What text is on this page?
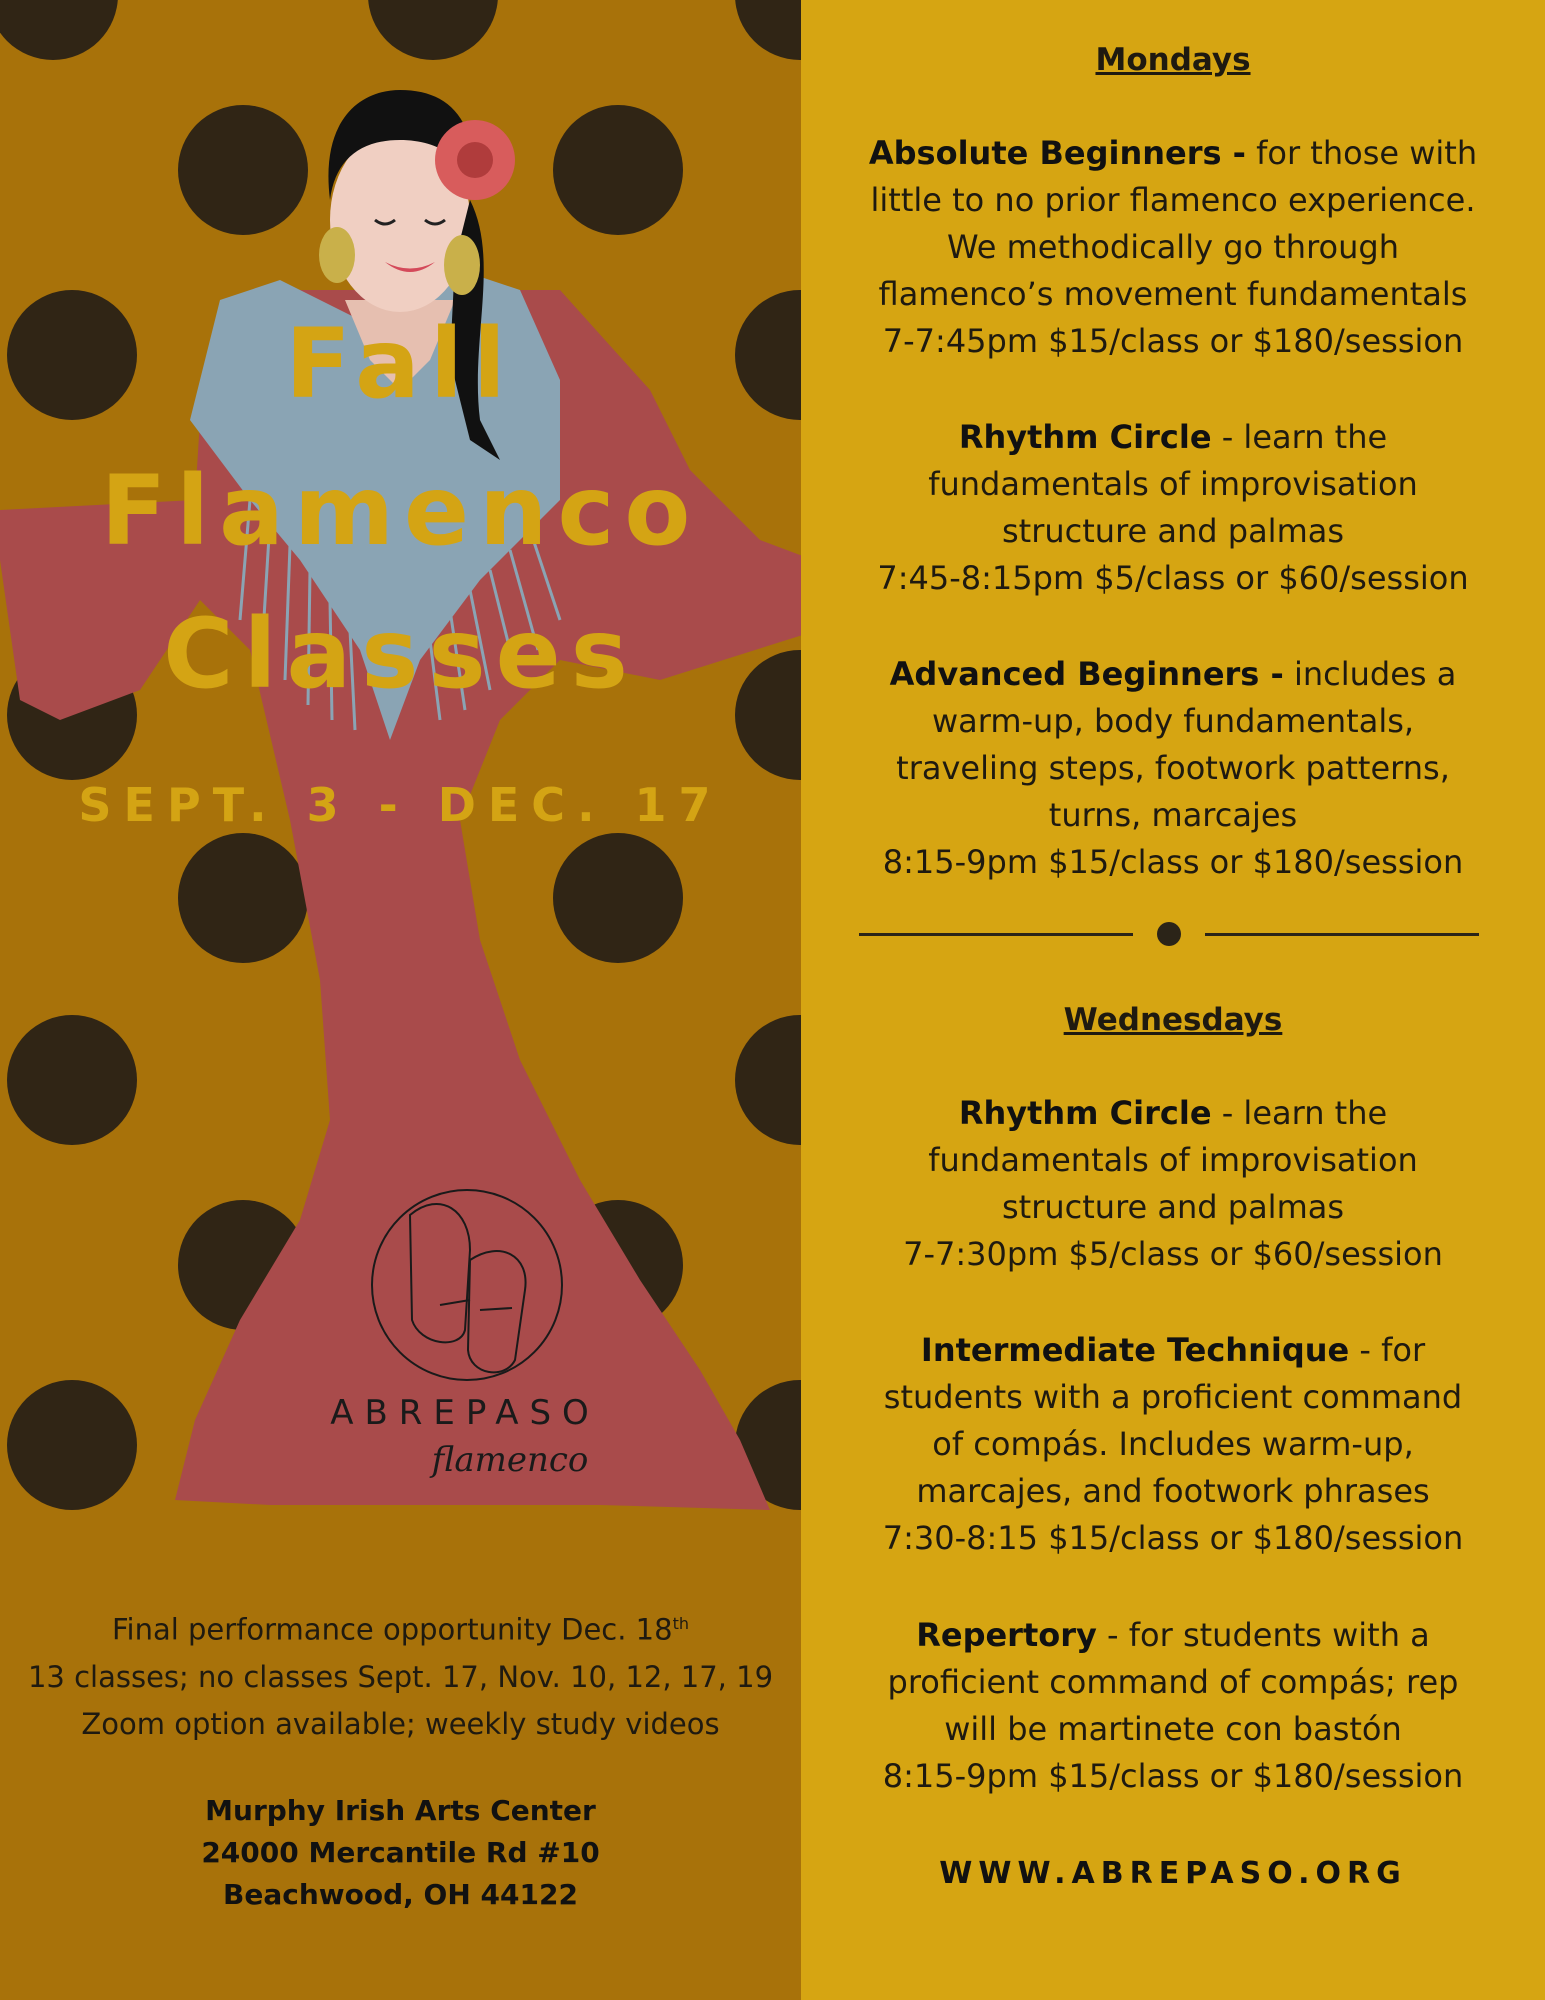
Fall
Flamenco
Classes
SEPT. 3 - DEC. 17
ABREPASO
flamenco
Final performance opportunity Dec. 18th
13 classes; no classes Sept. 17, Nov. 10, 12, 17, 19
Zoom option available; weekly study videos
Murphy Irish Arts Center
24000 Mercantile Rd #10
Beachwood, OH 44122
Mondays
Absolute Beginners - for those with
little to no prior flamenco experience.
We methodically go through
flamenco’s movement fundamentals
7-7:45pm $15/class or $180/session
Rhythm Circle - learn the
fundamentals of improvisation
structure and palmas
7:45-8:15pm $5/class or $60/session
Advanced Beginners - includes a
warm-up, body fundamentals,
traveling steps, footwork patterns,
turns, marcajes
8:15-9pm $15/class or $180/session
Wednesdays
Rhythm Circle - learn the
fundamentals of improvisation
structure and palmas
7-7:30pm $5/class or $60/session
Intermediate Technique - for
students with a proficient command
of compás. Includes warm-up,
marcajes, and footwork phrases
7:30-8:15 $15/class or $180/session
Repertory - for students with a
proficient command of compás; rep
will be martinete con bastón
8:15-9pm $15/class or $180/session
WWW.ABREPASO.ORG
